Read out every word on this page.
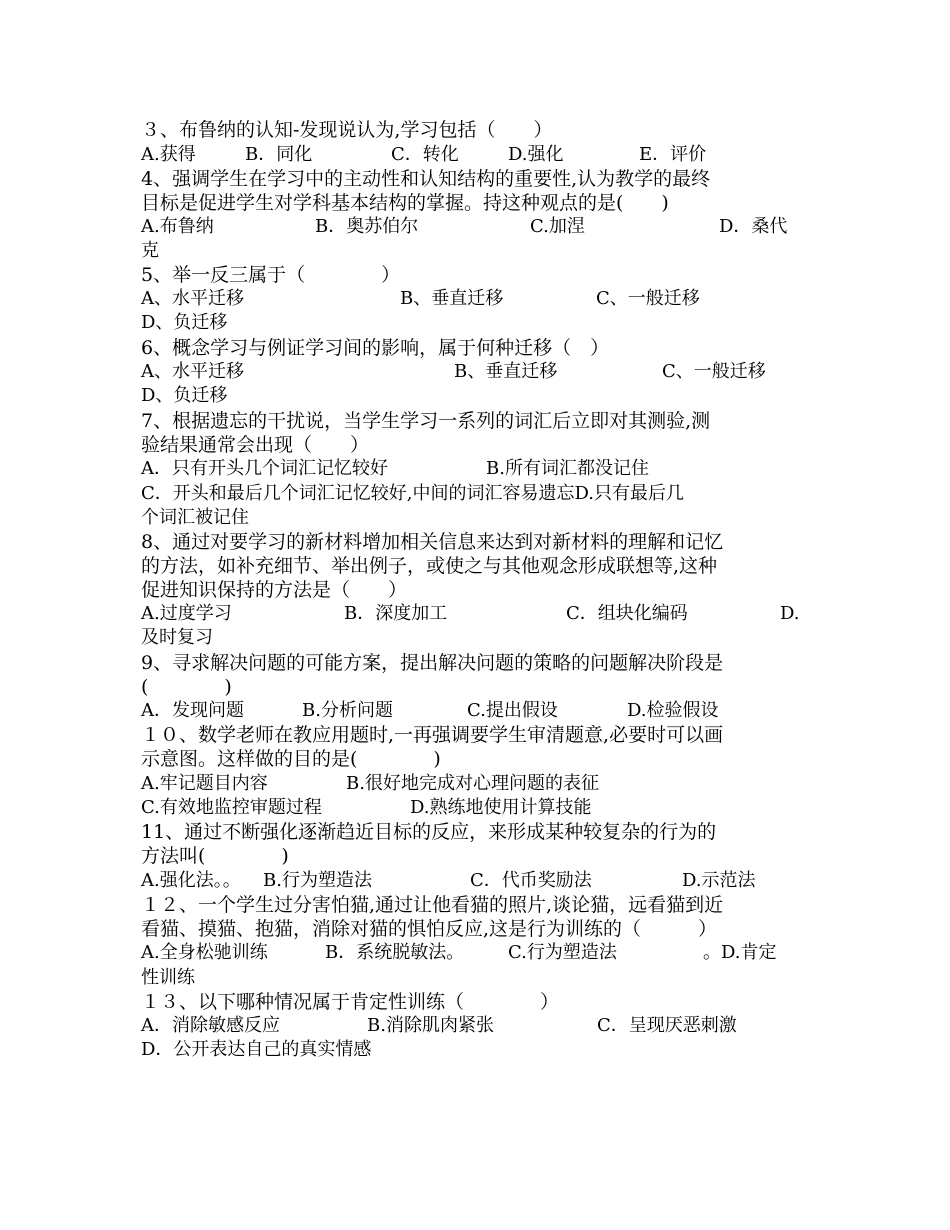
３、布鲁纳的认知-发现说认为,学习包括（　　）

A.获得

	B．同化

	C．转化

	D.强化

	E．评价

4、强调学生在学习中的主动性和认知结构的重要性,认为教学的最终
目标是促进学生对学科基本结构的掌握。持这种观点的是(　　)

A.布鲁纳

	B．奥苏伯尔

	C.加涅

	D．桑代

克

5、举一反三属于（　　　　）

A、水平迁移

	B、垂直迁移

	C、一般迁移

D、负迁移

6、概念学习与例证学习间的影响，属于何种迁移（　）

A、水平迁移

	B、垂直迁移

	C、一般迁移

D、负迁移

7、根据遗忘的干扰说，当学生学习一系列的词汇后立即对其测验,测
验结果通常会出现（　　）

A．只有开头几个词汇记忆较好

	B.所有词汇都没记住

C．开头和最后几个词汇记忆较好,中间的词汇容易遗忘D.只有最后几

个词汇被记住

8、通过对要学习的新材料增加相关信息来达到对新材料的理解和记忆
的方法，如补充细节、举出例子，或使之与其他观念形成联想等,这种
促进知识保持的方法是（　　）

A.过度学习

	B．深度加工

	C．组块化编码

	D.

及时复习

9、寻求解决问题的可能方案，提出解决问题的策略的问题解决阶段是
(　　　　)

A．发现问题

	B.分析问题

	C.提出假设

	D.检验假设

１０、数学老师在教应用题时,一再强调要学生审清题意,必要时可以画
示意图。这样做的目的是(　　　　)

A.牢记题目内容

	B.很好地完成对心理问题的表征

C.有效地监控审题过程

	D.熟练地使用计算技能

11、通过不断强化逐渐趋近目标的反应，来形成某种较复杂的行为的
方法叫(　　　　)

A.强化法。。

B.行为塑造法

	C．代币奖励法

	D.示范法

１２、一个学生过分害怕猫,通过让他看猫的照片,谈论猫，远看猫到近
看猫、摸猫、抱猫，消除对猫的惧怕反应,这是行为训练的（　　　）

A.全身松驰训练

	B．系统脱敏法。

C.行为塑造法

	。D.肯定

性训练

１３、以下哪种情况属于肯定性训练（　　　　）

A．消除敏感反应

	B.消除肌肉紧张

	C．呈现厌恶刺激

D．公开表达自己的真实情感
